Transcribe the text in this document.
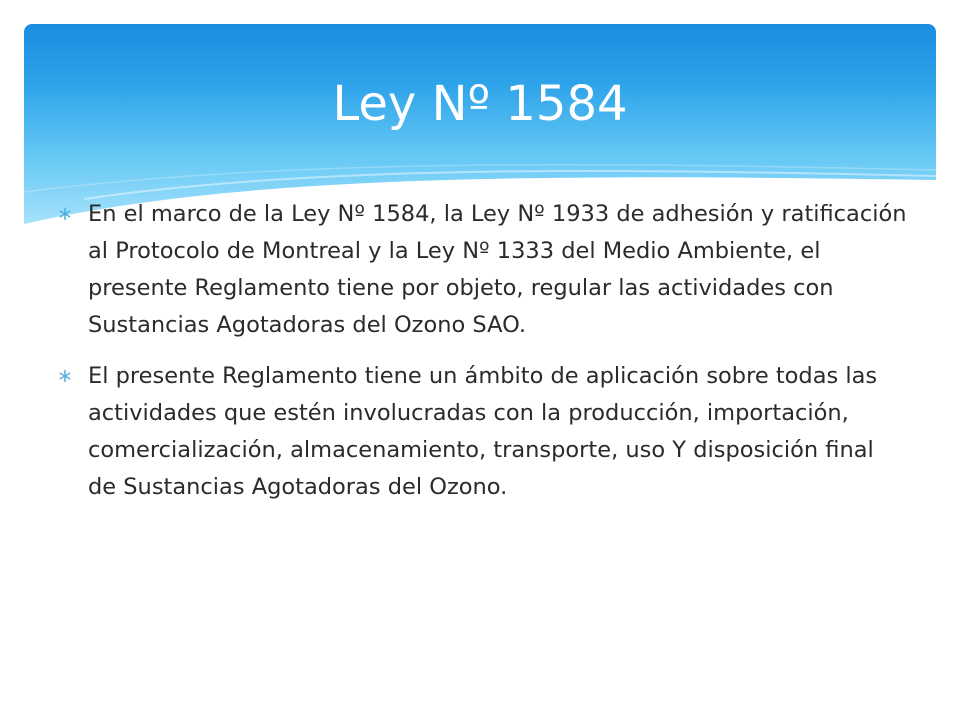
Ley Nº 1584
En el marco de la Ley Nº 1584, la Ley Nº 1933 de adhesión y ratificación al Protocolo de Montreal y la Ley Nº 1333 del Medio Ambiente, el presente Reglamento tiene por objeto, regular las actividades con Sustancias Agotadoras del Ozono SAO.
El presente Reglamento tiene un ámbito de aplicación sobre todas las actividades que estén involucradas con la producción, importación, comercialización, almacenamiento, transporte, uso Y disposición final de Sustancias Agotadoras del Ozono.
